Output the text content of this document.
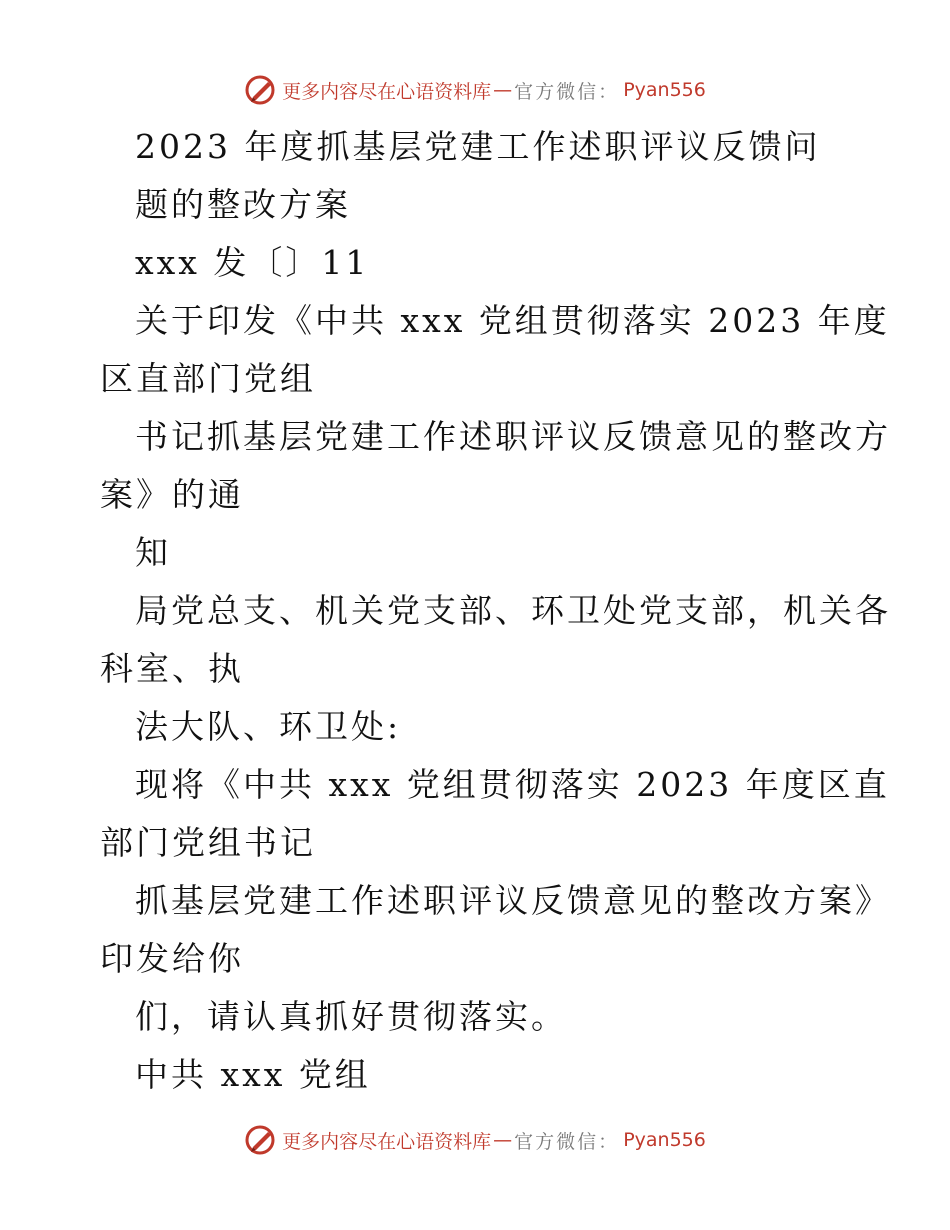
更多内容尽在心语资料库 — 官方微信： Pyan556
2023 年度抓基层党建工作述职评议反馈问
题的整改方案
xxx 发〔〕11
关于印发《中共 xxx 党组贯彻落实 2023 年度
区直部门党组
书记抓基层党建工作述职评议反馈意见的整改方
案》的通
知
局党总支、机关党支部、环卫处党支部，机关各
科室、执
法大队、环卫处:
现将《中共 xxx 党组贯彻落实 2023 年度区直
部门党组书记
抓基层党建工作述职评议反馈意见的整改方案》
印发给你
们，请认真抓好贯彻落实。
中共 xxx 党组
更多内容尽在心语资料库 — 官方微信： Pyan556
